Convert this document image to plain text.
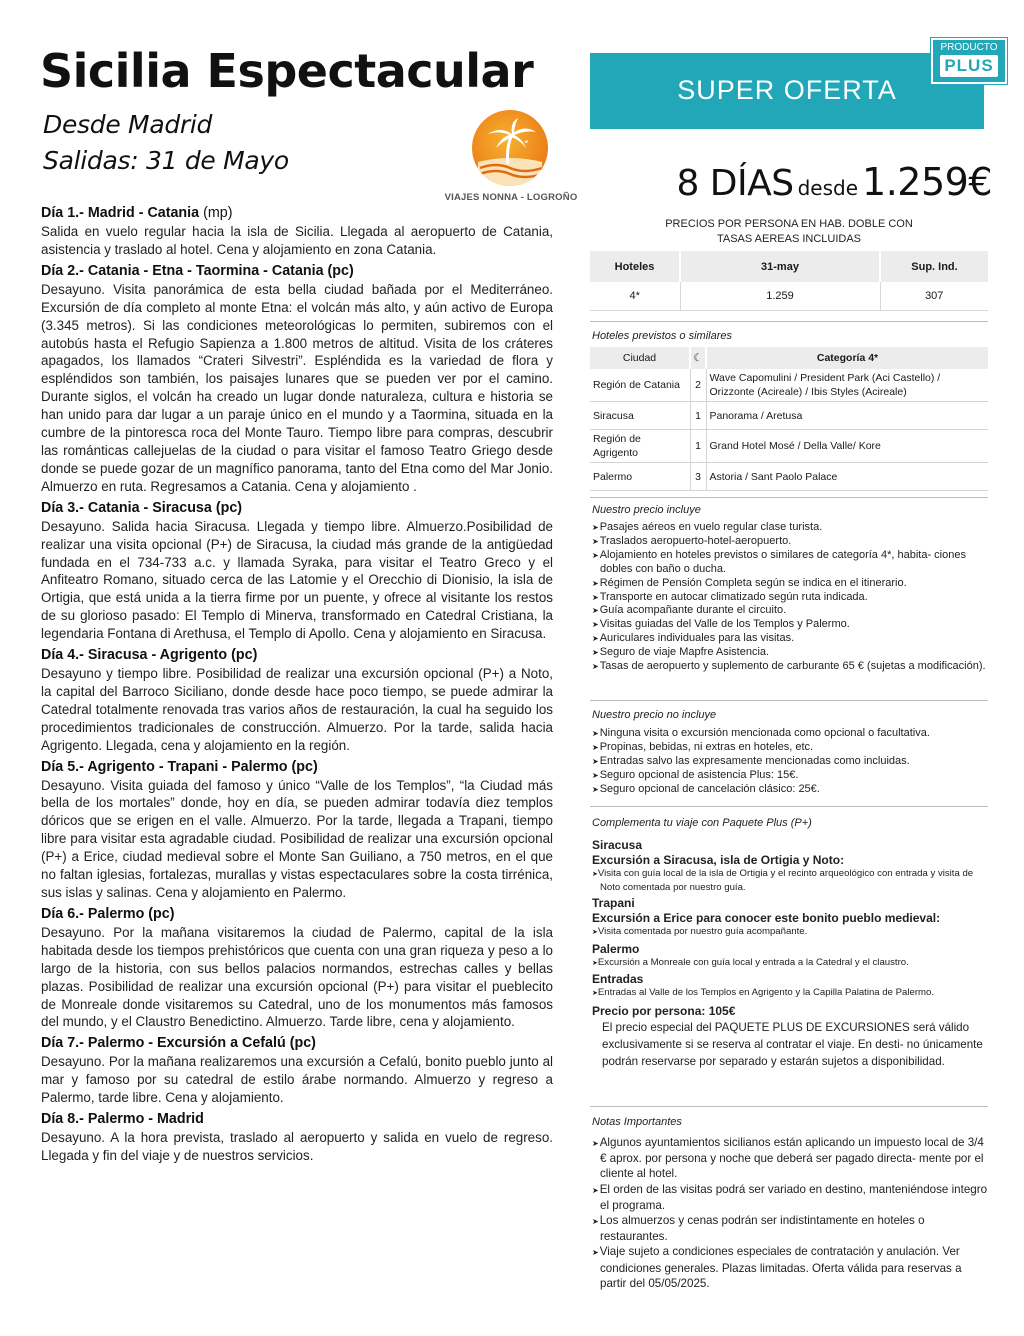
Sicilia Espectacular
Desde Madrid
Salidas: 31 de Mayo
VIAJES NONNA - LOGROÑO
Día 1.- Madrid - Catania (mp)
Salida en vuelo regular hacia la isla de Sicilia. Llegada al aeropuerto de Catania, asistencia y traslado al hotel. Cena y alojamiento en zona Catania.
Día 2.- Catania - Etna - Taormina - Catania (pc)
Desayuno. Visita panorámica de esta bella ciudad bañada por el Mediterráneo. Excursión de día completo al monte Etna: el volcán más alto, y aún activo de Europa (3.345 metros). Si las condiciones meteorológicas lo permiten, subiremos con el autobús hasta el Refugio Sapienza a 1.800 metros de altitud. Visita de los cráteres apagados, los llamados “Crateri Silvestri”. Espléndida es la variedad de flora y espléndidos son también, los paisajes lunares que se pueden ver por el camino. Durante siglos, el volcán ha creado un lugar donde naturaleza, cultura e historia se han unido para dar lugar a un paraje único en el mundo y a Taormina, situada en la cumbre de la pintoresca roca del Monte Tauro. Tiempo libre para compras, descubrir las románticas callejuelas de la ciudad o para visitar el famoso Teatro Griego desde donde se puede gozar de un magnífico panorama, tanto del Etna como del Mar Jonio. Almuerzo en ruta. Regresamos a Catania. Cena y alojamiento .
Día 3.- Catania - Siracusa (pc)
Desayuno. Salida hacia Siracusa. Llegada y tiempo libre. Almuerzo.Posibilidad de realizar una visita opcional (P+) de Siracusa, la ciudad más grande de la antigüedad fundada en el 734-733 a.c. y llamada Syraka, para visitar el Teatro Greco y el Anfiteatro Romano, situado cerca de las Latomie y el Orecchio di Dionisio, la isla de Ortigia, que está unida a la tierra firme por un puente, y ofrece al visitante los restos de su glorioso pasado: El Templo di Minerva, transformado en Catedral Cristiana, la legendaria Fontana di Arethusa, el Templo di Apollo. Cena y alojamiento en Siracusa.
Día 4.- Siracusa - Agrigento (pc)
Desayuno y tiempo libre. Posibilidad de realizar una excursión opcional (P+) a Noto, la capital del Barroco Siciliano, donde desde hace poco tiempo, se puede admirar la Catedral totalmente renovada tras varios años de restauración, la cual ha seguido los procedimientos tradicionales de construcción. Almuerzo. Por la tarde, salida hacia Agrigento. Llegada, cena y alojamiento en la región.
Día 5.- Agrigento - Trapani - Palermo (pc)
Desayuno. Visita guiada del famoso y único “Valle de los Templos”, “la Ciudad más bella de los mortales” donde, hoy en día, se pueden admirar todavía diez templos dóricos que se erigen en el valle. Almuerzo. Por la tarde, llegada a Trapani, tiempo libre para visitar esta agradable ciudad. Posibilidad de realizar una excursión opcional (P+) a Erice, ciudad medieval sobre el Monte San Guiliano, a 750 metros, en el que no faltan iglesias, fortalezas, murallas y vistas espectaculares sobre la costa tirrénica, sus islas y salinas. Cena y alojamiento en Palermo.
Día 6.- Palermo (pc)
Desayuno. Por la mañana visitaremos la ciudad de Palermo, capital de la isla habitada desde los tiempos prehistóricos que cuenta con una gran riqueza y peso a lo largo de la historia, con sus bellos palacios normandos, estrechas calles y bellas plazas. Posibilidad de realizar una excursión opcional (P+) para visitar el pueblecito de Monreale donde visitaremos su Catedral, uno de los monumentos más famosos del mundo, y el Claustro Benedictino. Almuerzo. Tarde libre, cena y alojamiento.
Día 7.- Palermo - Excursión a Cefalú (pc)
Desayuno. Por la mañana realizaremos una excursión a Cefalú, bonito pueblo junto al mar y famoso por su catedral de estilo árabe normando. Almuerzo y regreso a Palermo, tarde libre. Cena y alojamiento.
Día 8.- Palermo - Madrid
Desayuno. A la hora prevista, traslado al aeropuerto y salida en vuelo de regreso. Llegada y fin del viaje y de nuestros servicios.
SUPER OFERTA
PRODUCTO
PLUS
8 DÍAS desde 1.259€
PRECIOS POR PERSONA EN HAB. DOBLE CON
TASAS AEREAS INCLUIDAS
Hoteles	31-may	Sup. Ind.
4*	1.259	307
Hoteles previstos o similares
Ciudad	☾	Categoría 4*
Región de Catania	2	Wave Capomulini / President Park (Aci Castello) / Orizzonte (Acireale) / Ibis Styles (Acireale)
Siracusa	1	Panorama / Aretusa
Región de Agrigento	1	Grand Hotel Mosé / Della Valle/ Kore
Palermo	3	Astoria / Sant Paolo Palace
Nuestro precio incluye
➤ Pasajes aéreos en vuelo regular clase turista.
➤ Traslados aeropuerto-hotel-aeropuerto.
➤ Alojamiento en hoteles previstos o similares de categoría 4*, habita- ciones dobles con baño o ducha.
➤ Régimen de Pensión Completa según se indica en el itinerario.
➤ Transporte en autocar climatizado según ruta indicada.
➤ Guía acompañante durante el circuito.
➤ Visitas guiadas del Valle de los Templos y Palermo.
➤ Auriculares individuales para las visitas.
➤ Seguro de viaje Mapfre Asistencia.
➤ Tasas de aeropuerto y suplemento de carburante 65 € (sujetas a modificación).
Nuestro precio no incluye
➤ Ninguna visita o excursión mencionada como opcional o facultativa.
➤ Propinas, bebidas, ni extras en hoteles, etc.
➤ Entradas salvo las expresamente mencionadas como incluidas.
➤ Seguro opcional de asistencia Plus: 15€.
➤ Seguro opcional de cancelación clásico: 25€.
Complementa tu viaje con Paquete Plus (P+)
Siracusa
Excursión a Siracusa, isla de Ortigia y Noto:
➤ Visita con guía local de la isla de Ortigia y el recinto arqueológico con entrada y visita de Noto comentada por nuestro guía.
Trapani
Excursión a Erice para conocer este bonito pueblo medieval:
➤ Visita comentada por nuestro guía acompañante.
Palermo
➤ Excursión a Monreale con guía local y entrada a la Catedral y el claustro.
Entradas
➤ Entradas al Valle de los Templos en Agrigento y la Capilla Palatina de Palermo.
Precio por persona: 105€
El precio especial del PAQUETE PLUS DE EXCURSIONES será válido exclusivamente si se reserva al contratar el viaje. En desti- no únicamente podrán reservarse por separado y estarán sujetos a disponibilidad.
Notas Importantes
➤ Algunos ayuntamientos sicilianos están aplicando un impuesto local de 3/4 € aprox. por persona y noche que deberá ser pagado directa- mente por el cliente al hotel.
➤ El orden de las visitas podrá ser variado en destino, manteniéndose integro el programa.
➤ Los almuerzos y cenas podrán ser indistintamente en hoteles o restaurantes.
➤ Viaje sujeto a condiciones especiales de contratación y anulación. Ver condiciones generales. Plazas limitadas. Oferta válida para reservas a partir del 05/05/2025.
